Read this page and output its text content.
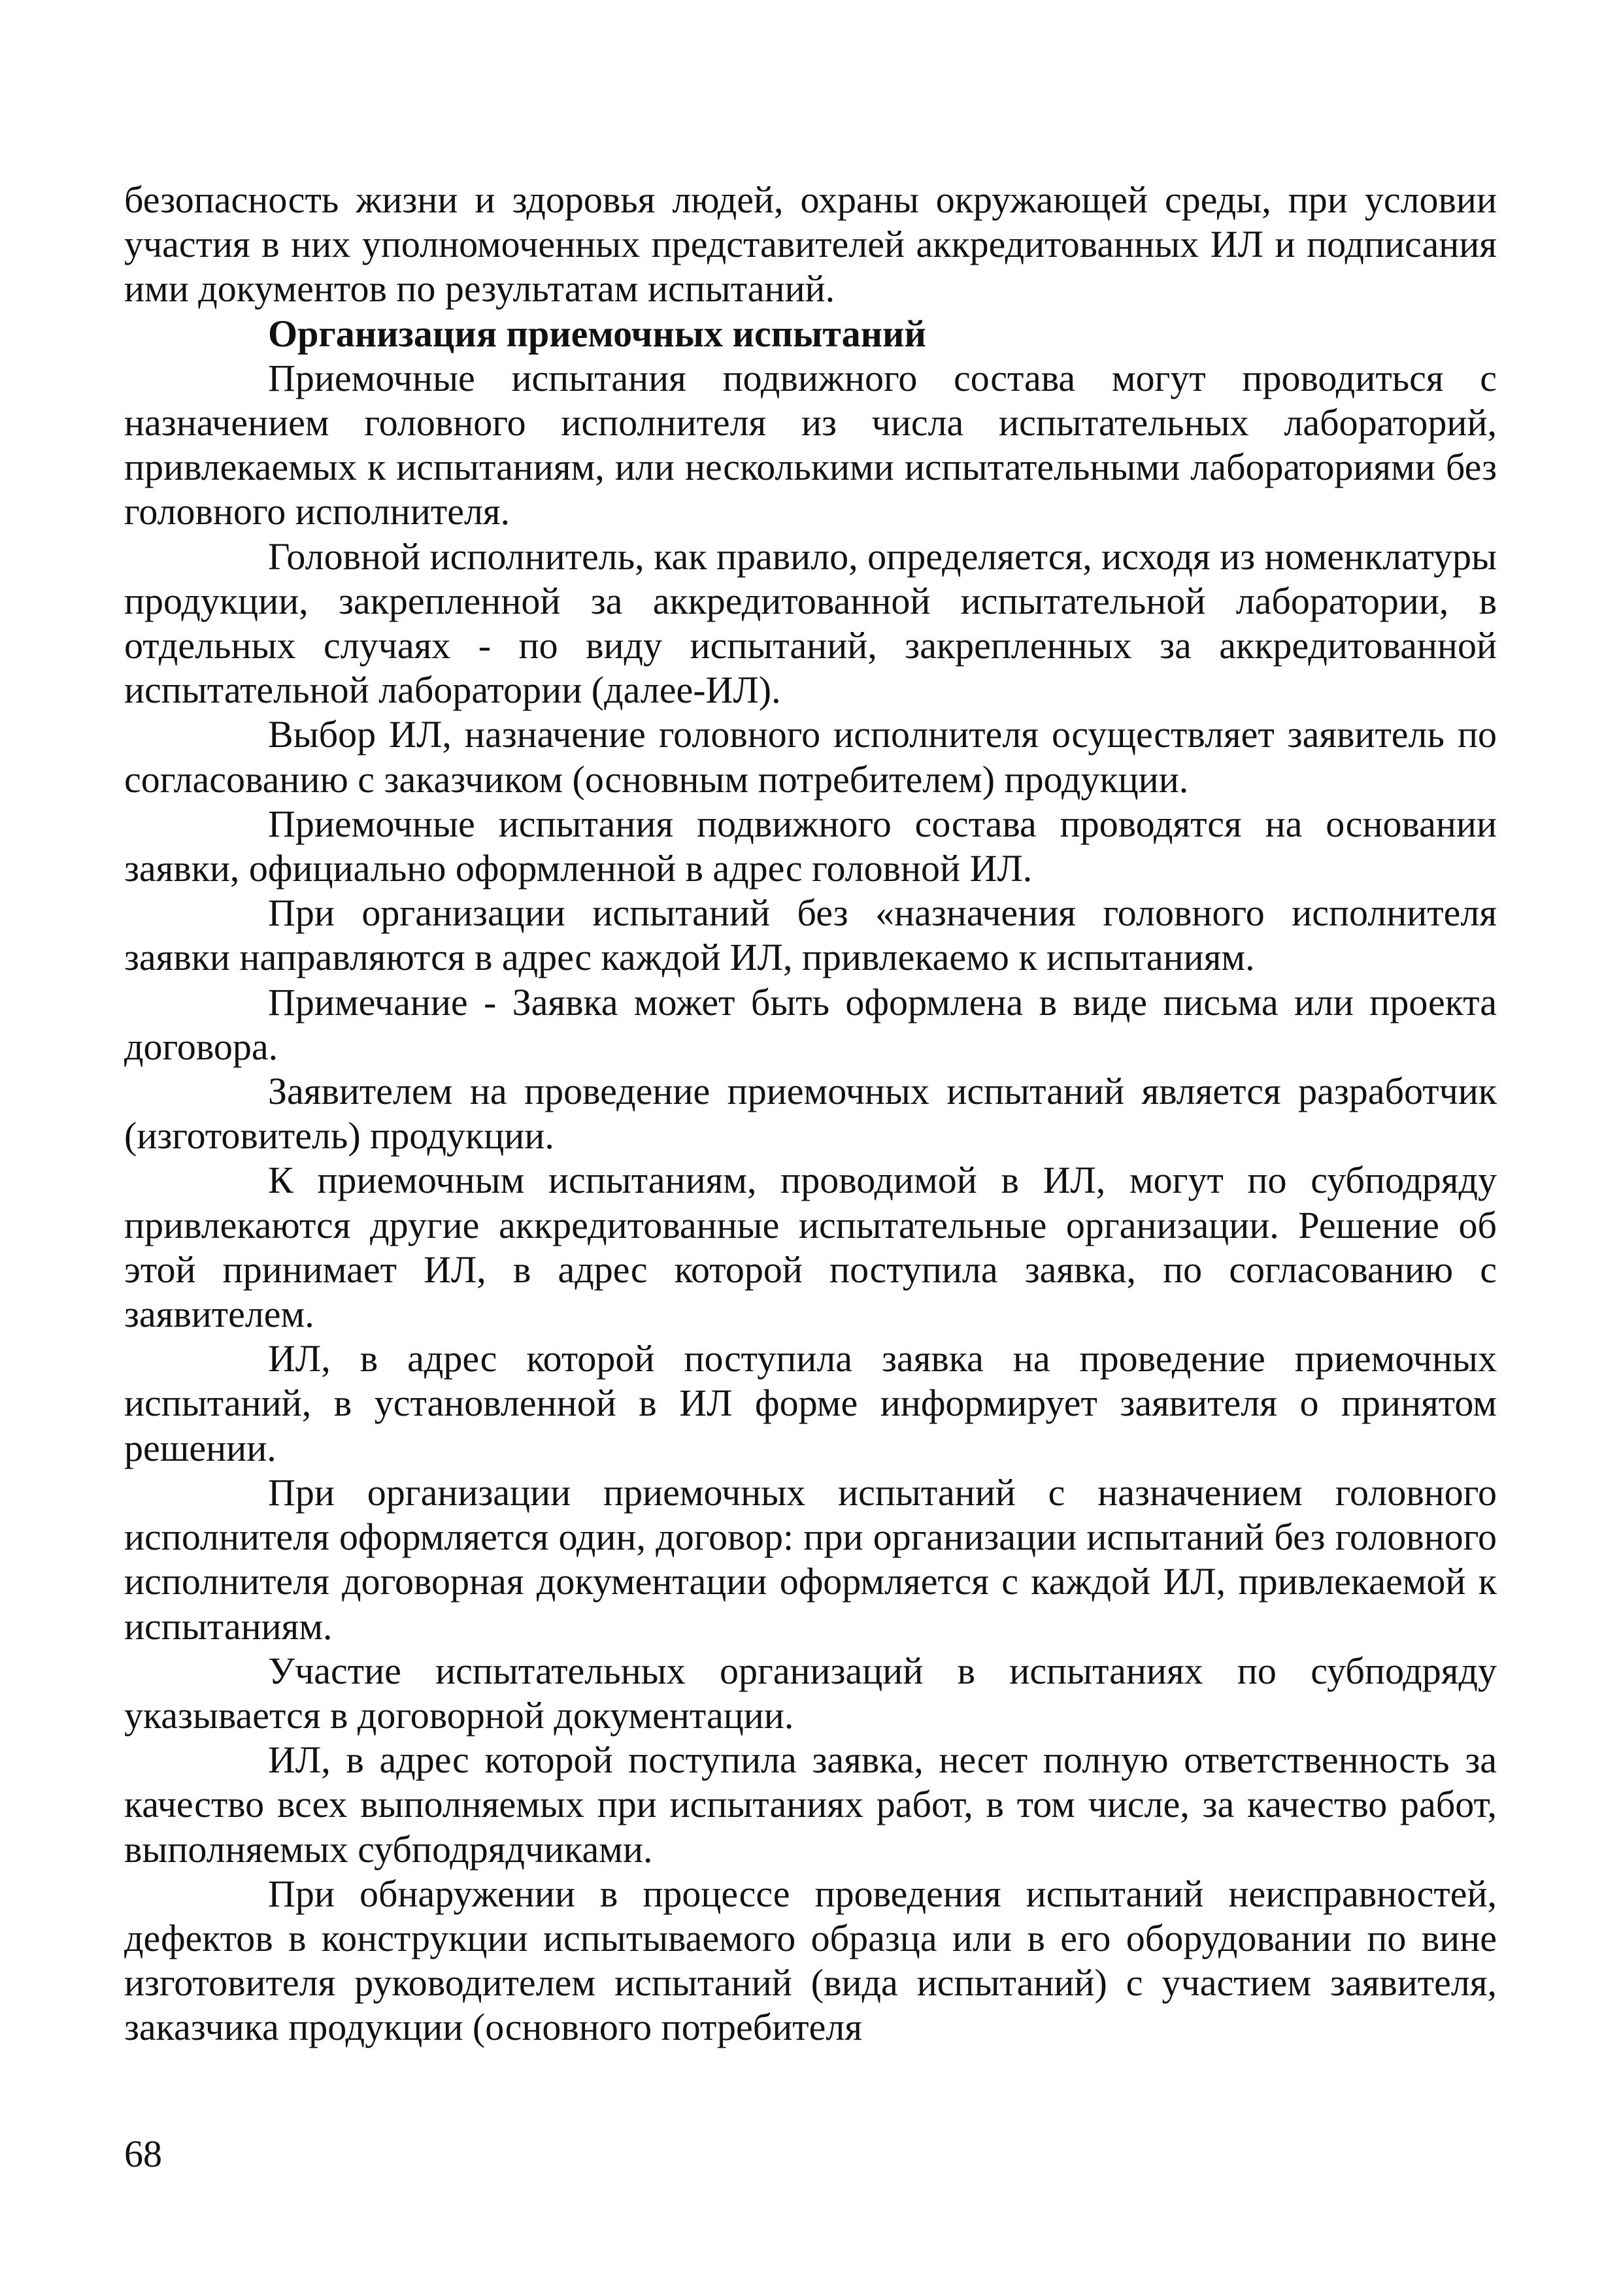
безопасность жизни и здоровья людей, охраны окружающей среды, при условии участия в них уполномоченных представителей аккредитованных ИЛ и подписания ими документов по результатам испытаний.

Организация приемочных испытаний

Приемочные испытания подвижного состава могут проводиться с назначением головного исполнителя из числа испытательных лабораторий, привлекаемых к испытаниям, или несколькими испытательными лабораториями без головного исполнителя.

Головной исполнитель, как правило, определяется, исходя из номенклатуры продукции, закрепленной за аккредитованной испытательной лаборатории, в отдельных случаях - по виду испытаний, закрепленных за аккредитованной испытательной лаборатории (далее-ИЛ).

Выбор ИЛ, назначение головного исполнителя осуществляет заявитель по согласованию с заказчиком (основным потребителем) продукции.

Приемочные испытания подвижного состава проводятся на основании заявки, официально оформленной в адрес головной ИЛ.

При организации испытаний без «назначения головного исполнителя заявки направляются в адрес каждой ИЛ, привлекаемо к испытаниям.

Примечание - Заявка может быть оформлена в виде письма или проекта договора.

Заявителем на проведение приемочных испытаний является разработчик (изготовитель) продукции.

К приемочным испытаниям, проводимой в ИЛ, могут по субподряду привлекаются другие аккредитованные испытательные организации. Решение об этой принимает ИЛ, в адрес которой поступила заявка, по согласованию с заявителем.

ИЛ, в адрес которой поступила заявка на проведение приемочных испытаний, в установленной в ИЛ форме информирует заявителя о принятом решении.

При организации приемочных испытаний с назначением головного исполнителя оформляется один, договор: при организации испытаний без головного исполнителя договорная документации оформляется с каждой ИЛ, привлекаемой к испытаниям.

Участие испытательных организаций в испытаниях по субподряду указывается в договорной документации.

ИЛ, в адрес которой поступила заявка, несет полную ответственность за качество всех выполняемых при испытаниях работ, в том числе, за качество работ, выполняемых субподрядчиками.

При обнаружении в процессе проведения испытаний неисправностей, дефектов в конструкции испытываемого образца или в его оборудовании по вине изготовителя руководителем испытаний (вида испытаний) с участием заявителя, заказчика продукции (основного потребителя

68
